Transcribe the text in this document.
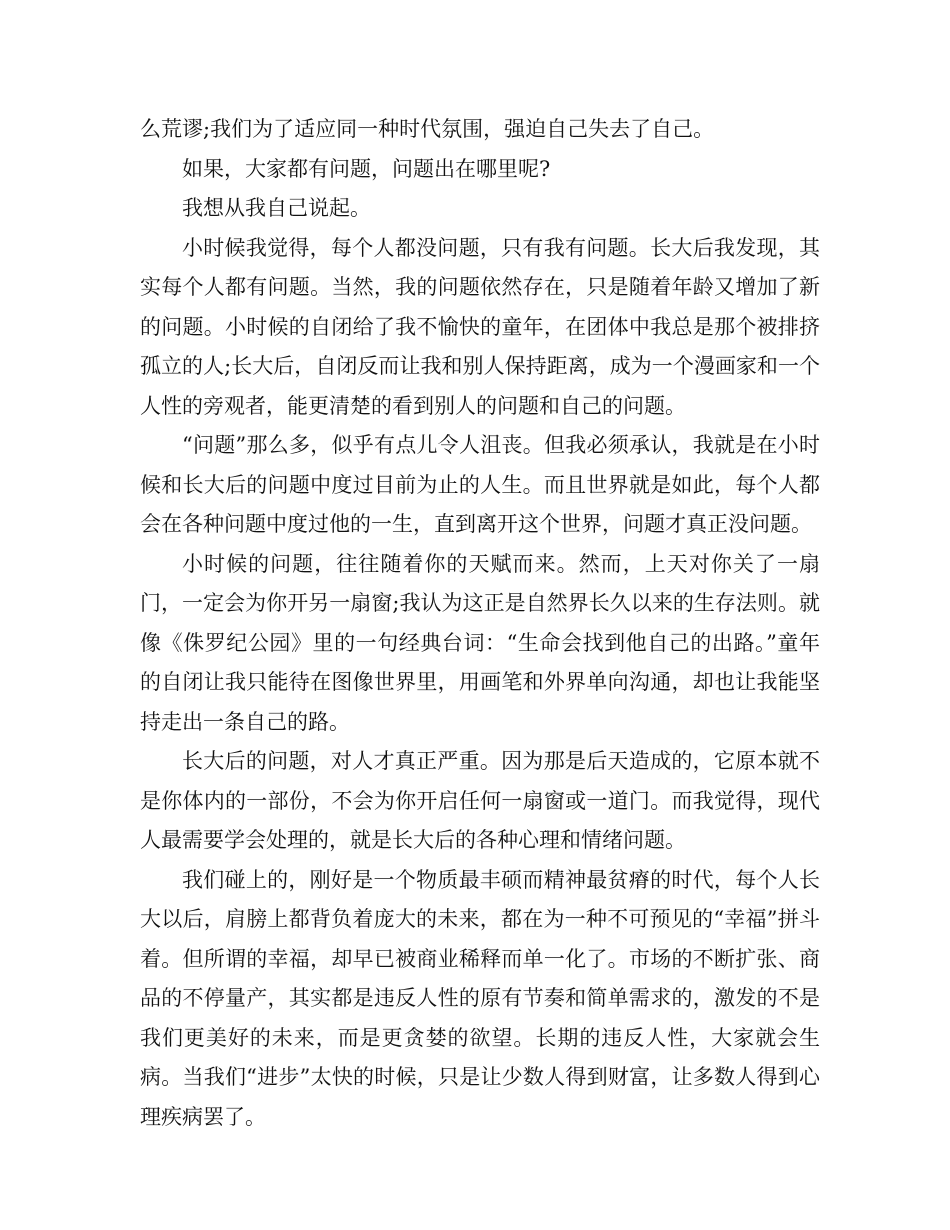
么荒谬;我们为了适应同一种时代氛围，强迫自己失去了自己。

如果，大家都有问题，问题出在哪里呢?

我想从我自己说起。

小时候我觉得，每个人都没问题，只有我有问题。长大后我发现，其实每个人都有问题。当然，我的问题依然存在，只是随着年龄又增加了新的问题。小时候的自闭给了我不愉快的童年，在团体中我总是那个被排挤孤立的人;长大后，自闭反而让我和别人保持距离，成为一个漫画家和一个人性的旁观者，能更清楚的看到别人的问题和自己的问题。

“问题”那么多，似乎有点儿令人沮丧。但我必须承认，我就是在小时候和长大后的问题中度过目前为止的人生。而且世界就是如此，每个人都会在各种问题中度过他的一生，直到离开这个世界，问题才真正没问题。

小时候的问题，往往随着你的天赋而来。然而，上天对你关了一扇门，一定会为你开另一扇窗;我认为这正是自然界长久以来的生存法则。就像《侏罗纪公园》里的一句经典台词：“生命会找到他自己的出路。”童年的自闭让我只能待在图像世界里，用画笔和外界单向沟通，却也让我能坚持走出一条自己的路。

长大后的问题，对人才真正严重。因为那是后天造成的，它原本就不是你体内的一部份，不会为你开启任何一扇窗或一道门。而我觉得，现代人最需要学会处理的，就是长大后的各种心理和情绪问题。

我们碰上的，刚好是一个物质最丰硕而精神最贫瘠的时代，每个人长大以后，肩膀上都背负着庞大的未来，都在为一种不可预见的“幸福”拼斗着。但所谓的幸福，却早已被商业稀释而单一化了。市场的不断扩张、商品的不停量产，其实都是违反人性的原有节奏和简单需求的，激发的不是我们更美好的未来，而是更贪婪的欲望。长期的违反人性，大家就会生病。当我们“进步”太快的时候，只是让少数人得到财富，让多数人得到心理疾病罢了。
